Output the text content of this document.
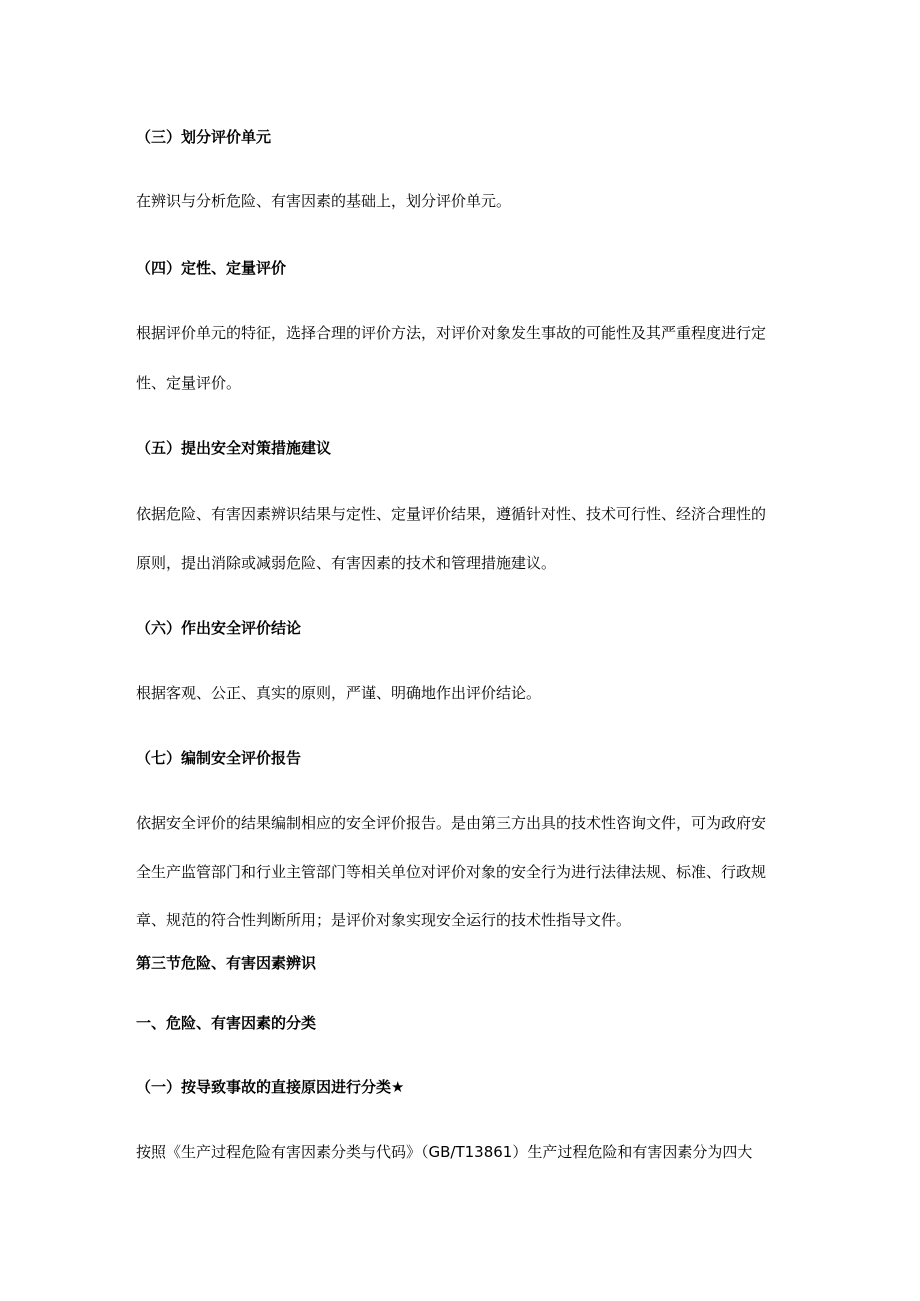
（三）划分评价单元

在辨识与分析危险、有害因素的基础上，划分评价单元。

（四）定性、定量评价

根据评价单元的特征，选择合理的评价方法，对评价对象发生事故的可能性及其严重程度进行定

性、定量评价。

（五）提出安全对策措施建议

依据危险、有害因素辨识结果与定性、定量评价结果，遵循针对性、技术可行性、经济合理性的

原则，提出消除或减弱危险、有害因素的技术和管理措施建议。

（六）作出安全评价结论

根据客观、公正、真实的原则，严谨、明确地作出评价结论。

（七）编制安全评价报告

依据安全评价的结果编制相应的安全评价报告。是由第三方出具的技术性咨询文件，可为政府安

全生产监管部门和行业主管部门等相关单位对评价对象的安全行为进行法律法规、标准、行政规

章、规范的符合性判断所用；是评价对象实现安全运行的技术性指导文件。

第三节危险、有害因素辨识

一、危险、有害因素的分类

（一）按导致事故的直接原因进行分类★

按照《生产过程危险有害因素分类与代码》（GB/T13861）生产过程危险和有害因素分为四大
